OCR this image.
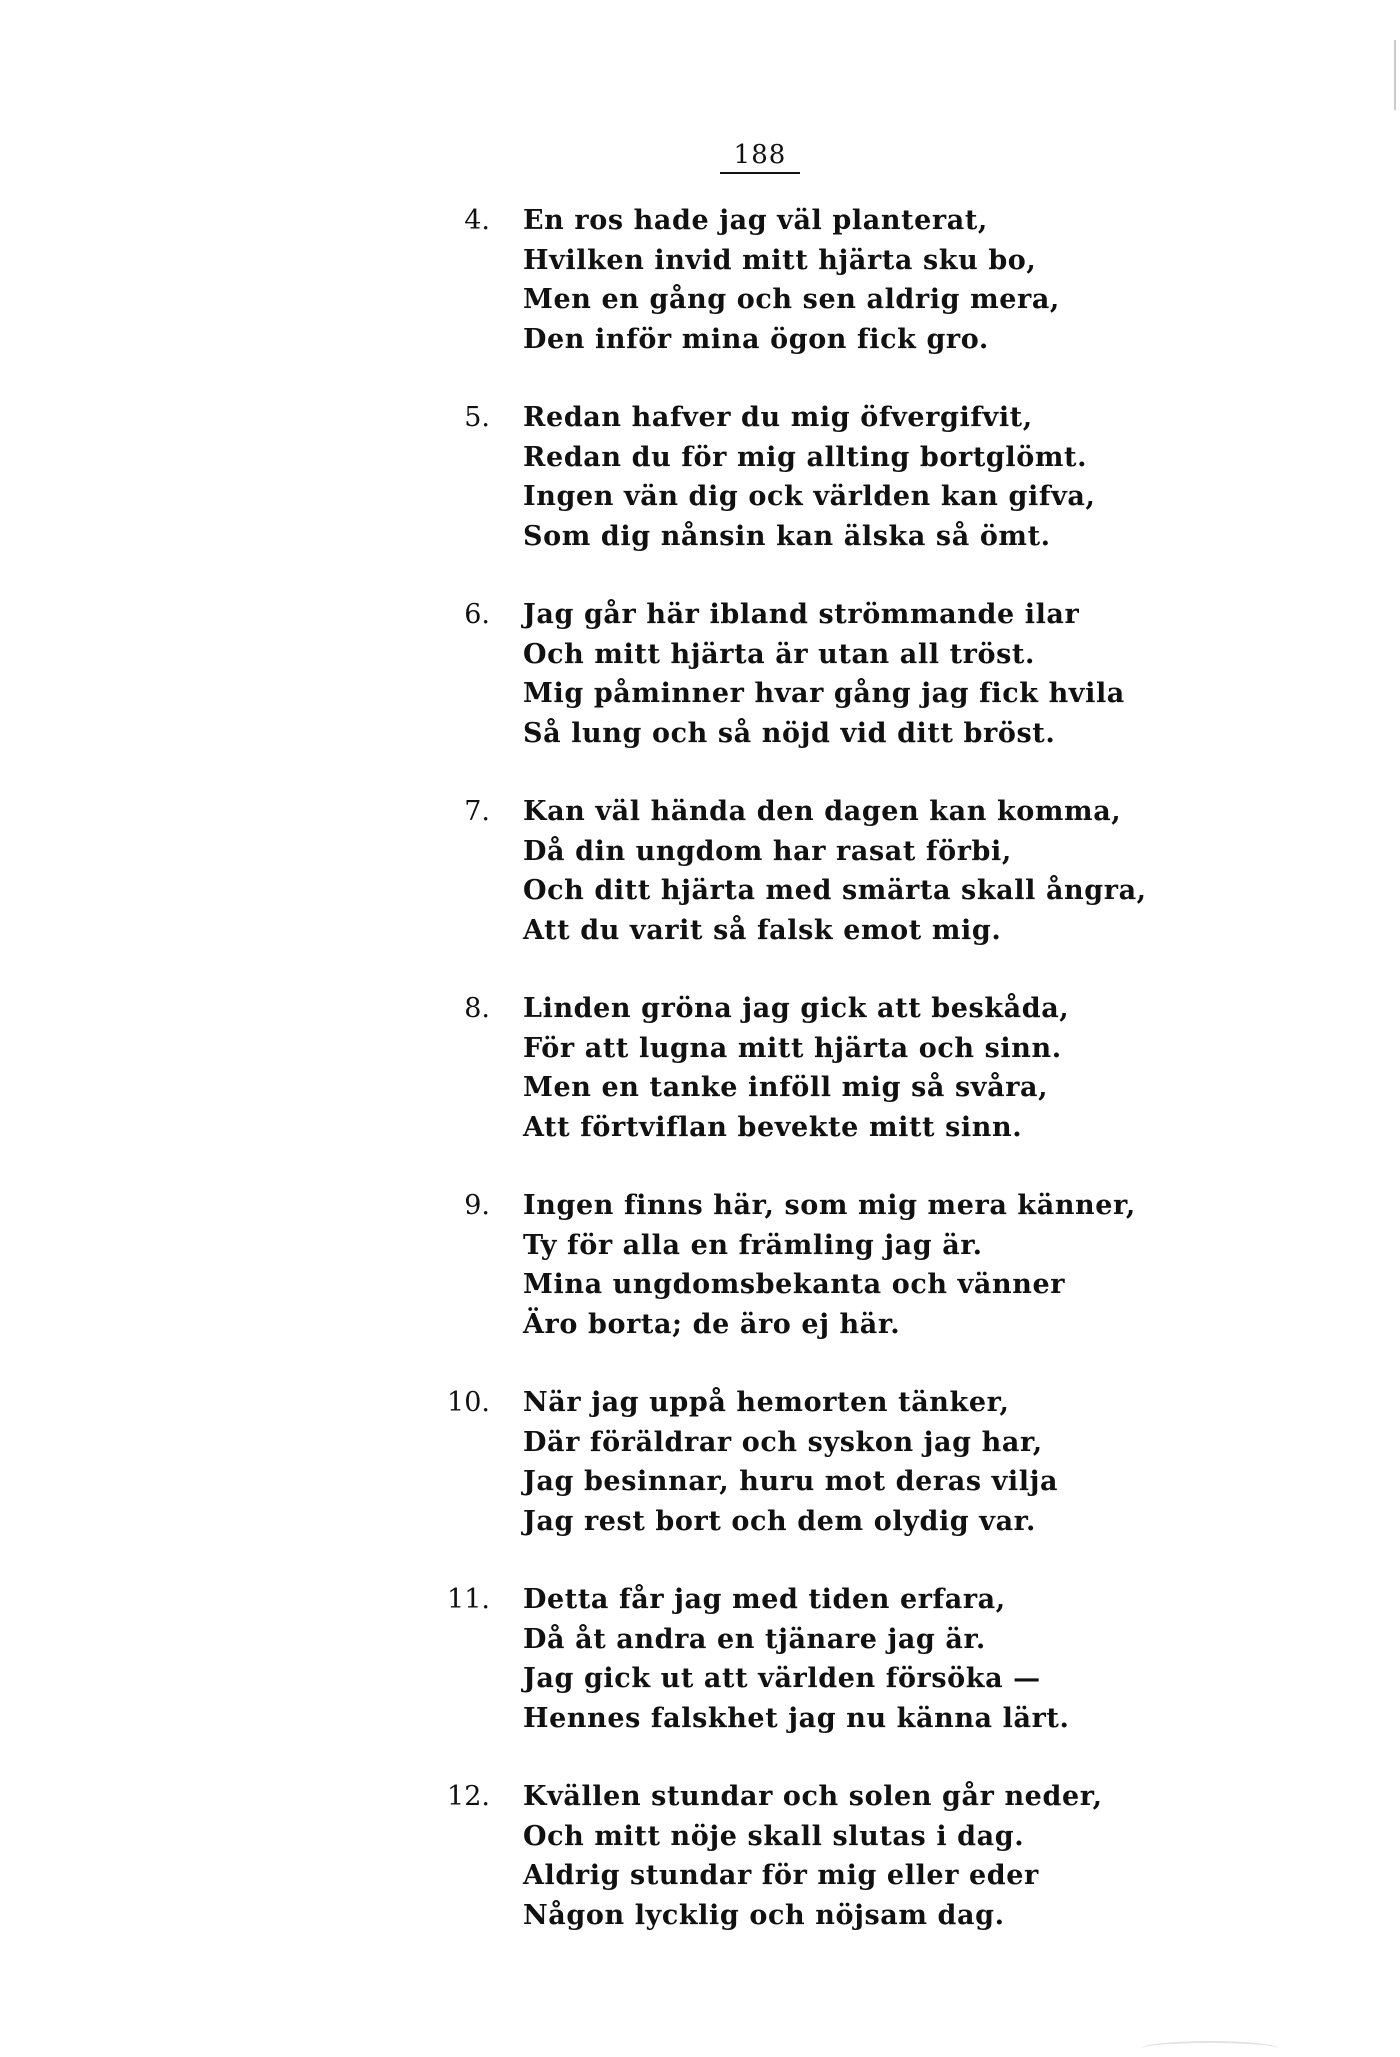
188
4. En ros hade jag väl planterat,
Hvilken invid mitt hjärta sku bo,
Men en gång och sen aldrig mera,
Den inför mina ögon fick gro.
5. Redan hafver du mig öfvergifvit,
Redan du för mig allting bortglömt.
Ingen vän dig ock världen kan gifva,
Som dig nånsin kan älska så ömt.
6. Jag går här ibland strömmande ilar
Och mitt hjärta är utan all tröst.
Mig påminner hvar gång jag fick hvila
Så lung och så nöjd vid ditt bröst.
7. Kan väl hända den dagen kan komma,
Då din ungdom har rasat förbi,
Och ditt hjärta med smärta skall ångra,
Att du varit så falsk emot mig.
8. Linden gröna jag gick att beskåda,
För att lugna mitt hjärta och sinn.
Men en tanke inföll mig så svåra,
Att förtviflan bevekte mitt sinn.
9. Ingen finns här, som mig mera känner,
Ty för alla en främling jag är.
Mina ungdomsbekanta och vänner
Äro borta; de äro ej här.
10. När jag uppå hemorten tänker,
Där föräldrar och syskon jag har,
Jag besinnar, huru mot deras vilja
Jag rest bort och dem olydig var.
11. Detta får jag med tiden erfara,
Då åt andra en tjänare jag är.
Jag gick ut att världen försöka —
Hennes falskhet jag nu känna lärt.
12. Kvällen stundar och solen går neder,
Och mitt nöje skall slutas i dag.
Aldrig stundar för mig eller eder
Någon lycklig och nöjsam dag.
